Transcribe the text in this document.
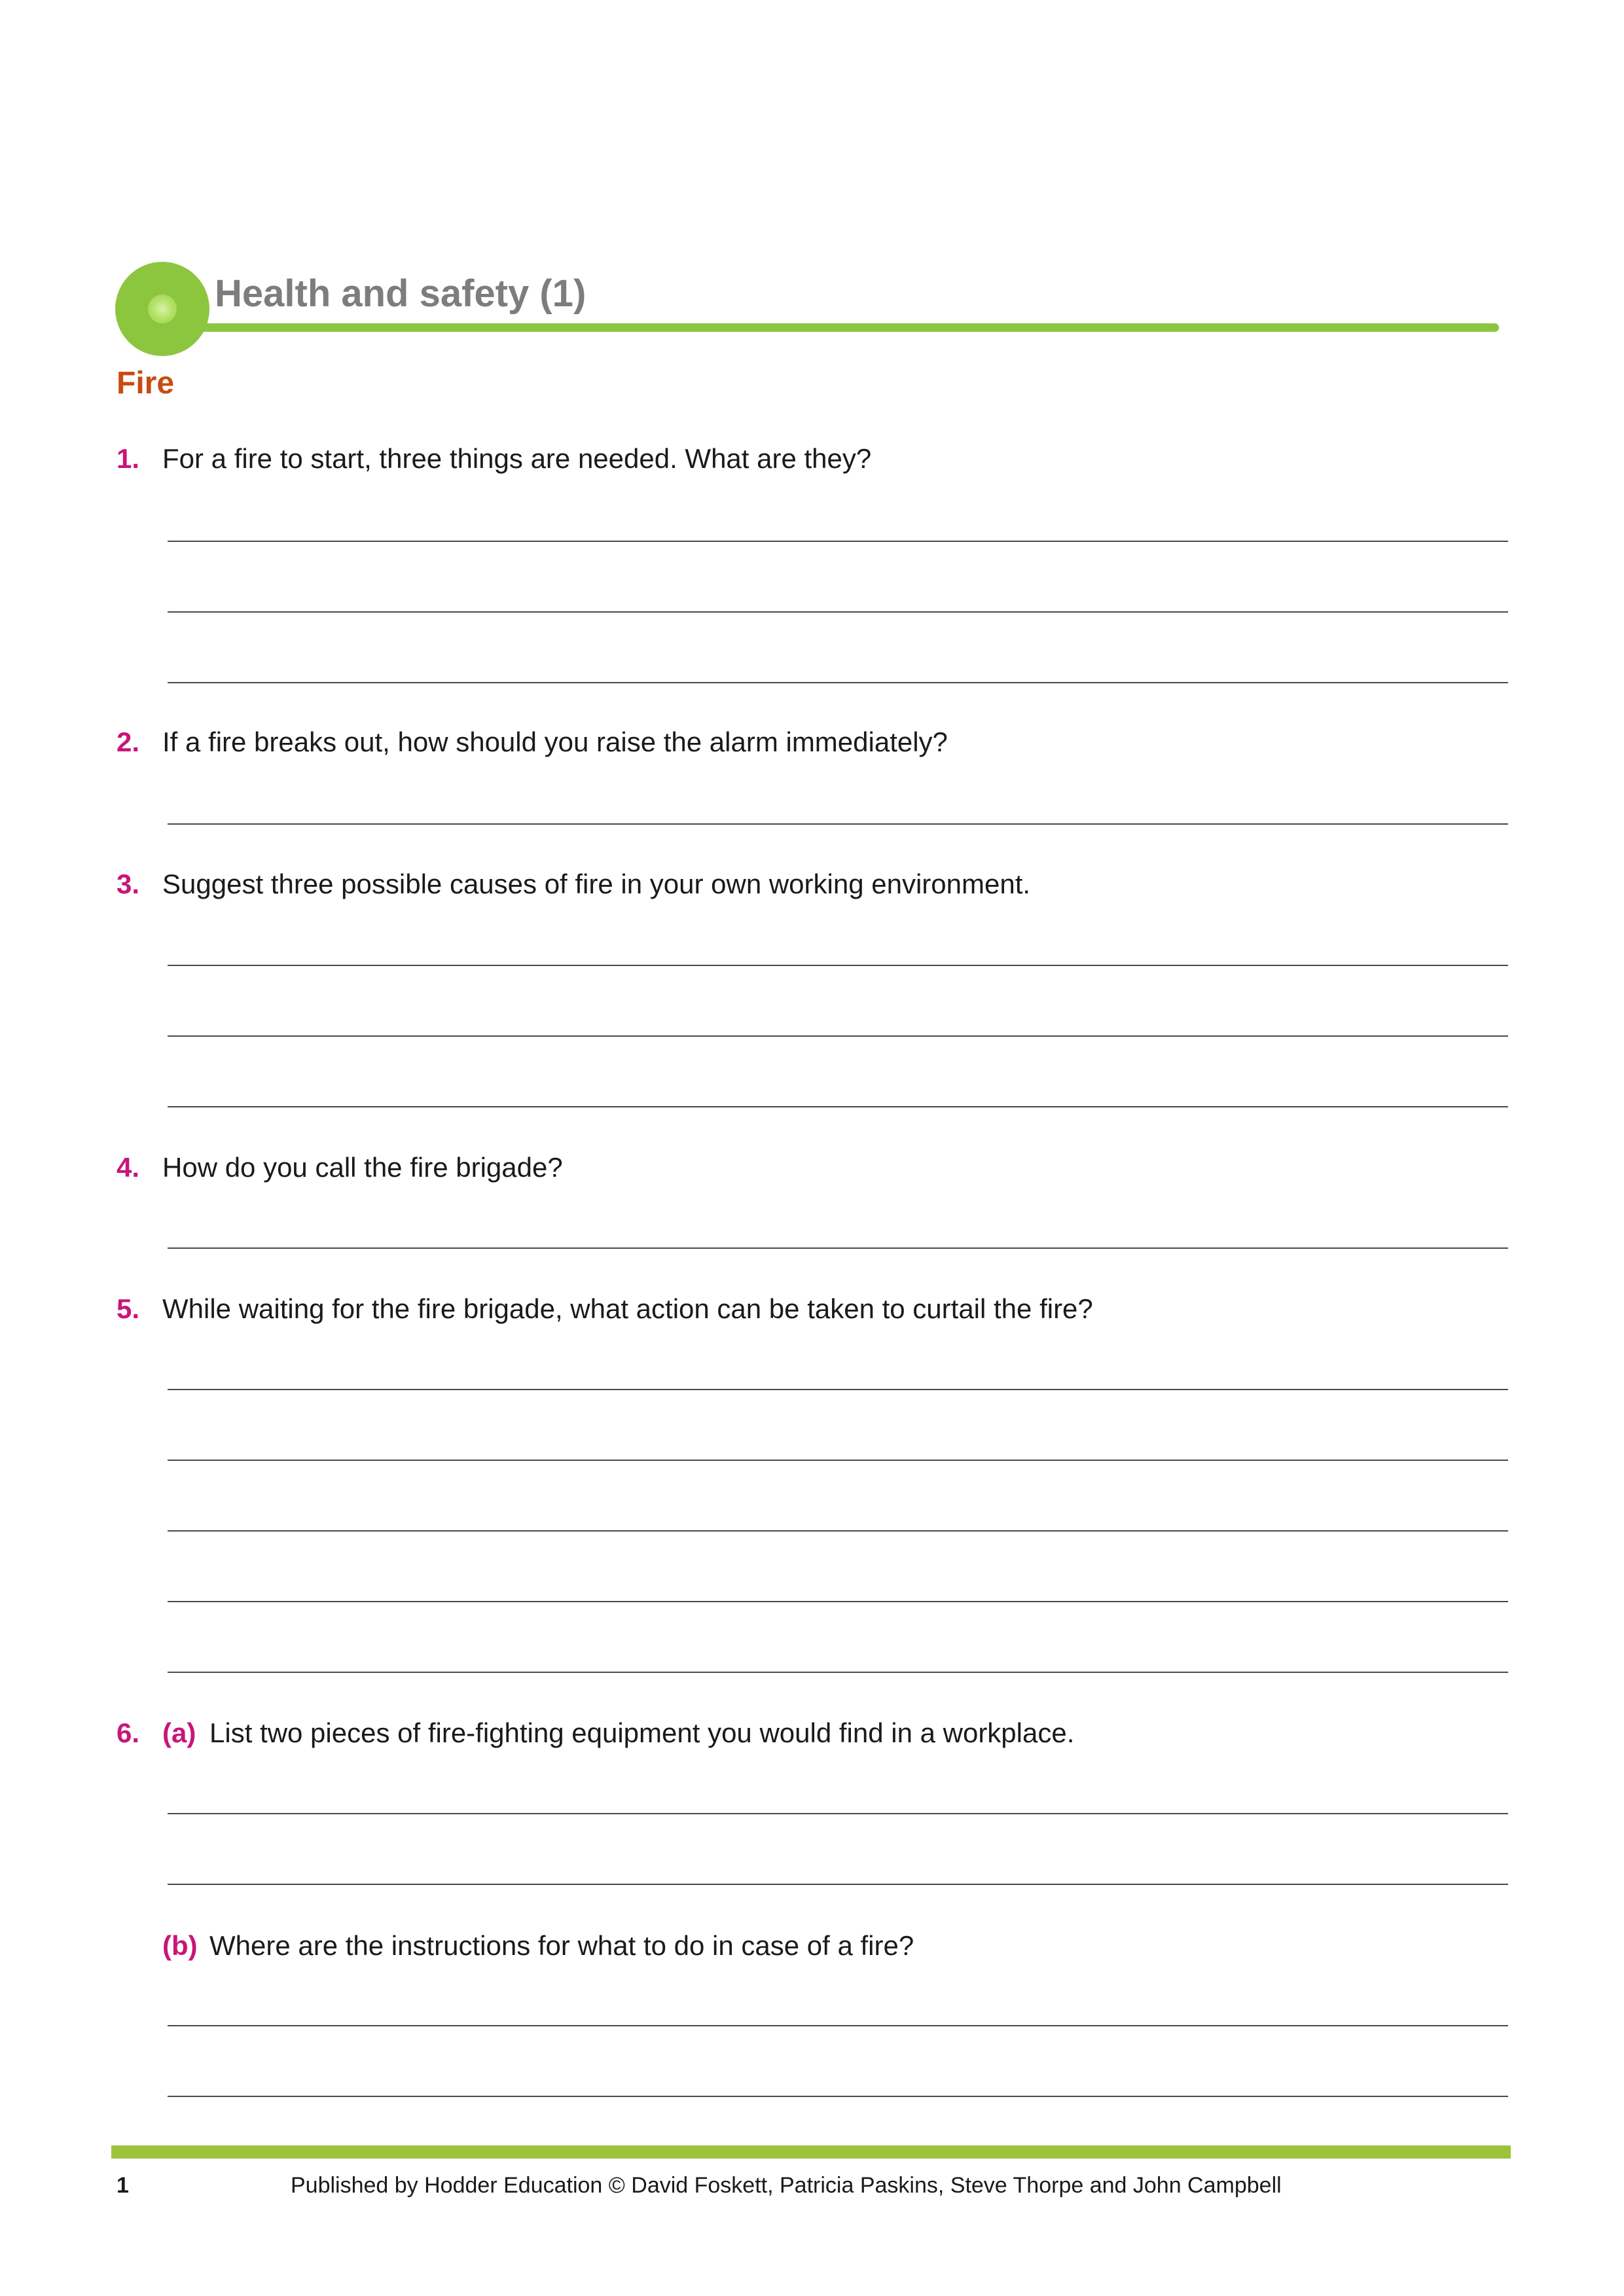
Health and safety (1)
Fire
1. For a fire to start, three things are needed. What are they?
2. If a fire breaks out, how should you raise the alarm immediately?
3. Suggest three possible causes of fire in your own working environment.
4. How do you call the fire brigade?
5. While waiting for the fire brigade, what action can be taken to curtail the fire?
6. (a) List two pieces of fire-fighting equipment you would find in a workplace.
(b) Where are the instructions for what to do in case of a fire?
1	Published by Hodder Education © David Foskett, Patricia Paskins, Steve Thorpe and John Campbell
